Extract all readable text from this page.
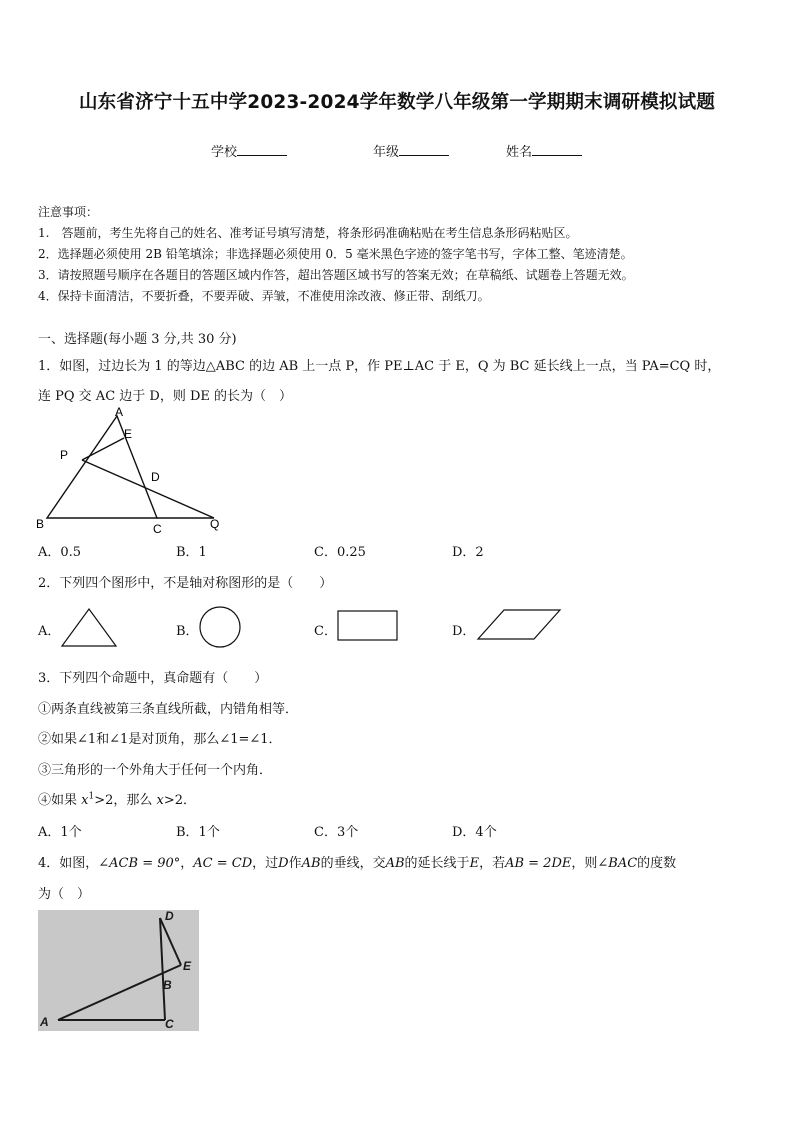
山东省济宁十五中学2023-2024学年数学八年级第一学期期末调研模拟试题
学校	年级	姓名
注意事项：
1.　答题前，考生先将自己的姓名、准考证号填写清楚，将条形码准确粘贴在考生信息条形码粘贴区。
2．选择题必须使用 2B 铅笔填涂；非选择题必须使用 0．5 毫米黑色字迹的签字笔书写，字体工整、笔迹清楚。
3．请按照题号顺序在各题目的答题区域内作答，超出答题区域书写的答案无效；在草稿纸、试题卷上答题无效。
4．保持卡面清洁，不要折叠，不要弄破、弄皱，不准使用涂改液、修正带、刮纸刀。
一、选择题(每小题 3 分,共 30 分)
1．如图，过边长为 1 的等边△ABC 的边 AB 上一点 P，作 PE⊥AC 于 E，Q 为 BC 延长线上一点，当 PA=CQ 时，
连 PQ 交 AC 边于 D，则 DE 的长为（　）
A
E
P
D
B	C	Q
A．0.5	B．1	C．0.25	D．2
2．下列四个图形中，不是轴对称图形的是（　　）
A．	B．	C．	D．
3．下列四个命题中，真命题有（　　）
①两条直线被第三条直线所截，内错角相等．
②如果∠1和∠1是对顶角，那么∠1=∠1．
③三角形的一个外角大于任何一个内角．
④如果 $x^1>2$，那么 x>2．
A．1个	B．1个	C．3个	D．4个
4．如图，∠ACB = 90°，AC = CD，过D作AB的垂线，交AB的延长线于E，若AB = 2DE，则∠BAC的度数
为（　）
D
E
B
A	C
